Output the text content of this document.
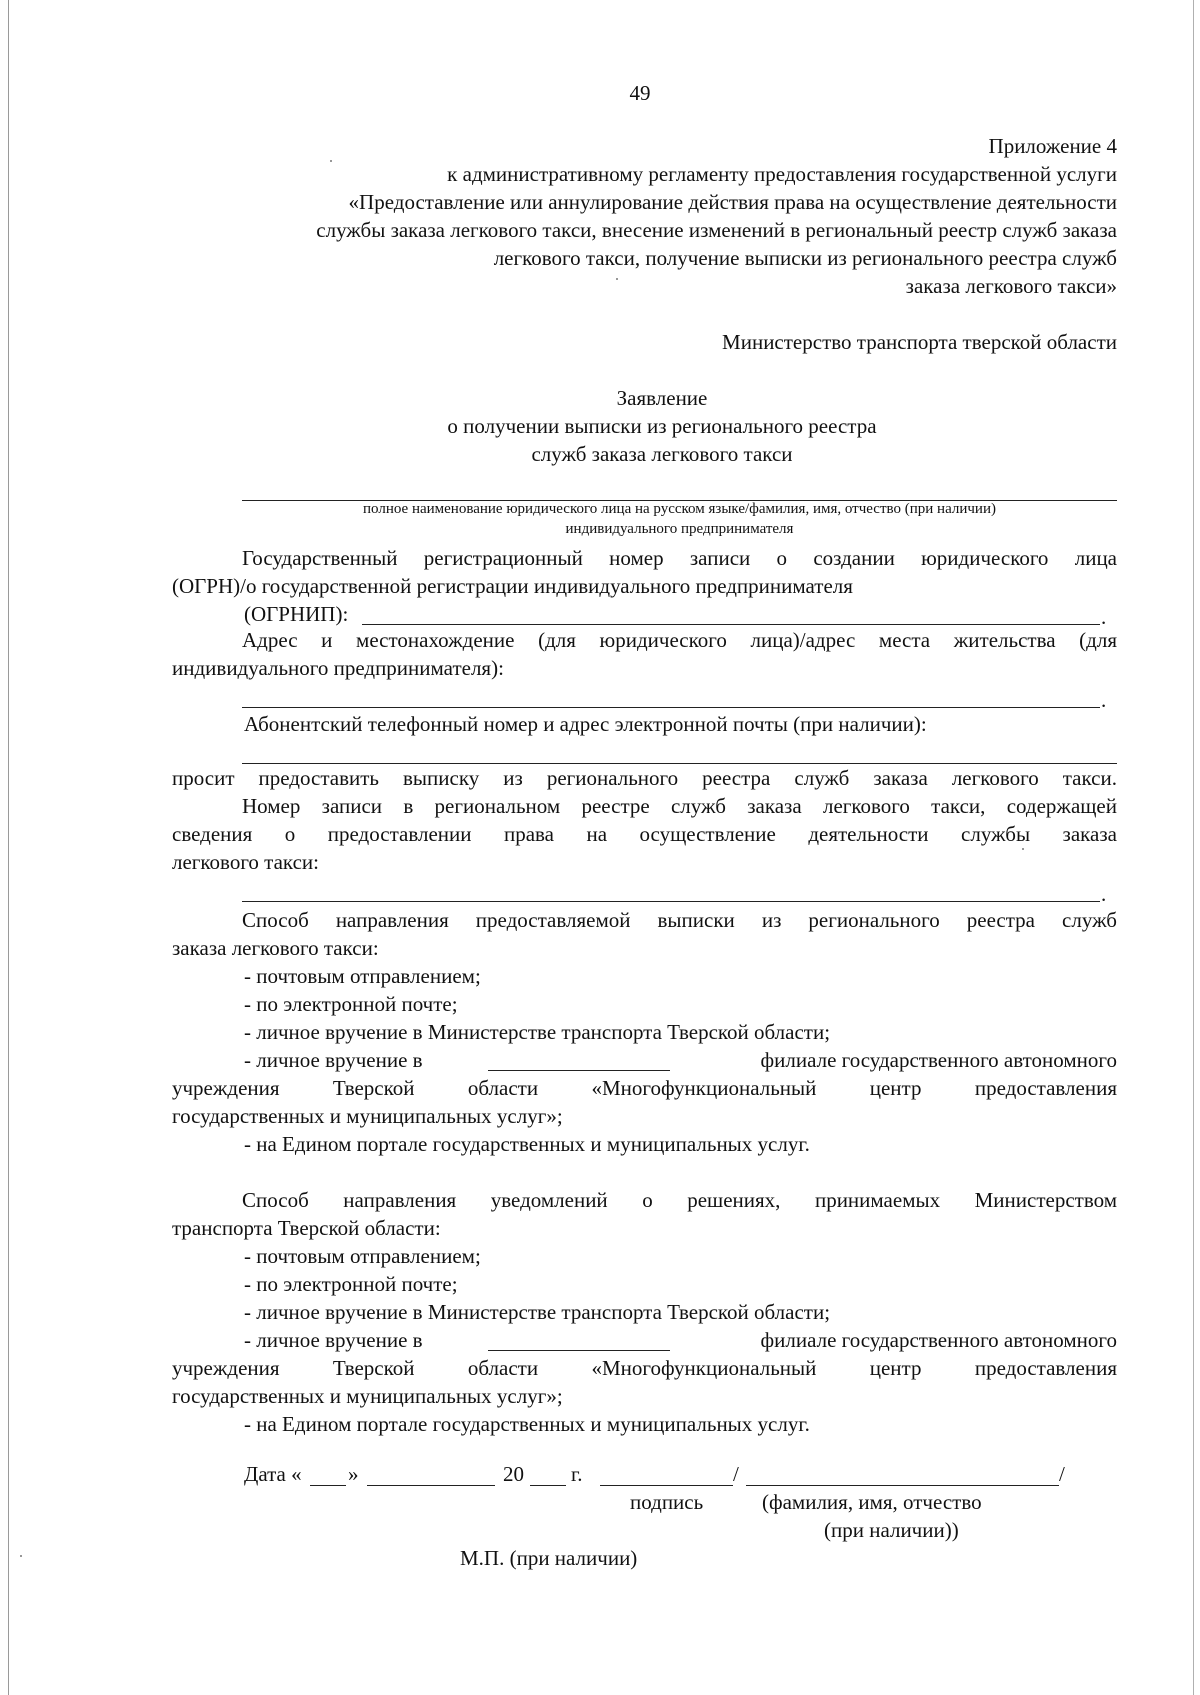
49
Приложение 4
к административному регламенту предоставления государственной услуги
«Предоставление или аннулирование действия права на осуществление деятельности
службы заказа легкового такси, внесение изменений в региональный реестр служб заказа
легкового такси, получение выписки из регионального реестра служб
заказа легкового такси»
Министерство транспорта тверской области
Заявление
о получении выписки из регионального реестра
служб заказа легкового такси
полное наименование юридического лица на русском языке/фамилия, имя, отчество (при наличии)
индивидуального предпринимателя
Государственный регистрационный номер записи о создании юридического лица
(ОГРН)/о государственной регистрации индивидуального предпринимателя
(ОГРНИП):	.
Адрес и местонахождение (для юридического лица)/адрес места жительства (для
индивидуального предпринимателя):
.
Абонентский телефонный номер и адрес электронной почты (при наличии):
просит предоставить выписку из регионального реестра служб заказа легкового такси.
Номер записи в региональном реестре служб заказа легкового такси, содержащей
сведения о предоставлении права на осуществление деятельности службы заказа
легкового такси:
.
Способ направления предоставляемой выписки из регионального реестра служб
заказа легкового такси:
- почтовым отправлением;
- по электронной почте;
- личное вручение в Министерстве транспорта Тверской области;
- личное вручение в	филиале государственного автономного
учреждения Тверской области «Многофункциональный центр предоставления
государственных и муниципальных услуг»;
- на Едином портале государственных и муниципальных услуг.
Способ направления уведомлений о решениях, принимаемых Министерством
транспорта Тверской области:
- почтовым отправлением;
- по электронной почте;
- личное вручение в Министерстве транспорта Тверской области;
- личное вручение в	филиале государственного автономного
учреждения Тверской области «Многофункциональный центр предоставления
государственных и муниципальных услуг»;
- на Едином портале государственных и муниципальных услуг.
Дата « »	20 г.	/	/
подпись	(фамилия, имя, отчество
(при наличии))
М.П. (при наличии)
